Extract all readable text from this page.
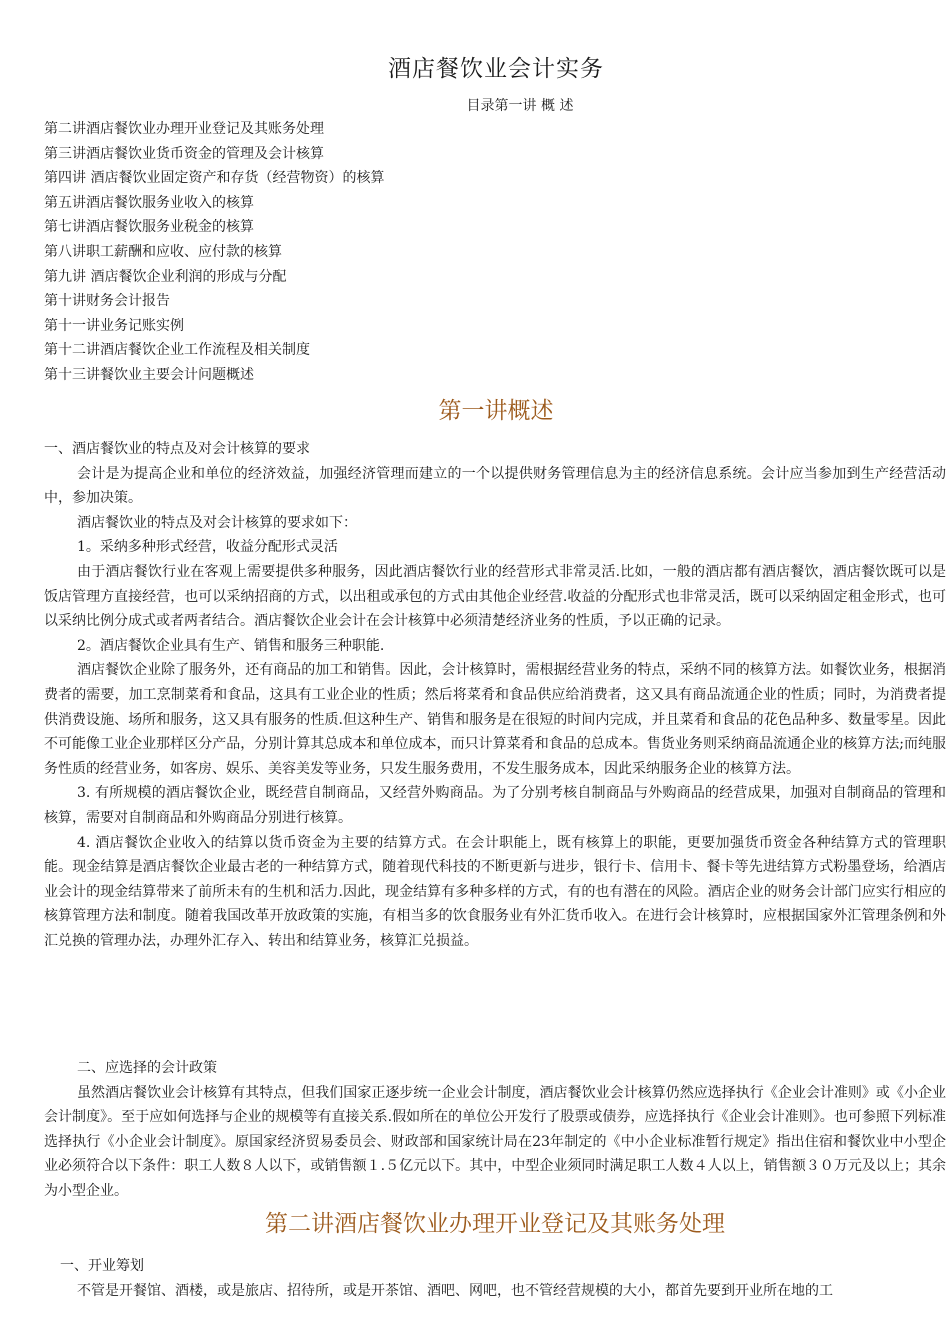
酒店餐饮业会计实务
目录第一讲 概 述
第二讲酒店餐饮业办理开业登记及其账务处理
第三讲酒店餐饮业货币资金的管理及会计核算
第四讲 酒店餐饮业固定资产和存货（经营物资）的核算
第五讲酒店餐饮服务业收入的核算
第七讲酒店餐饮服务业税金的核算
第八讲职工薪酬和应收、应付款的核算
第九讲 酒店餐饮企业利润的形成与分配
第十讲财务会计报告
第十一讲业务记账实例
第十二讲酒店餐饮企业工作流程及相关制度
第十三讲餐饮业主要会计问题概述
第一讲概述

一、酒店餐饮业的特点及对会计核算的要求

会计是为提高企业和单位的经济效益，加强经济管理而建立的一个以提供财务管理信息为主的经济信息系统。会计应当参加到生产经营活动中，参加决策。

酒店餐饮业的特点及对会计核算的要求如下：

1。采纳多种形式经营，收益分配形式灵活

由于酒店餐饮行业在客观上需要提供多种服务，因此酒店餐饮行业的经营形式非常灵活.比如，一般的酒店都有酒店餐饮，酒店餐饮既可以是饭店管理方直接经营，也可以采纳招商的方式，以出租或承包的方式由其他企业经营.收益的分配形式也非常灵活，既可以采纳固定租金形式，也可以采纳比例分成式或者两者结合。酒店餐饮企业会计在会计核算中必须清楚经济业务的性质，予以正确的记录。

2。酒店餐饮企业具有生产、销售和服务三种职能.

酒店餐饮企业除了服务外，还有商品的加工和销售。因此，会计核算时，需根据经营业务的特点，采纳不同的核算方法。如餐饮业务，根据消费者的需要，加工烹制菜肴和食品，这具有工业企业的性质；然后将菜肴和食品供应给消费者，这又具有商品流通企业的性质；同时，为消费者提供消费设施、场所和服务，这又具有服务的性质.但这种生产、销售和服务是在很短的时间内完成，并且菜肴和食品的花色品种多、数量零星。因此不可能像工业企业那样区分产品，分别计算其总成本和单位成本，而只计算菜肴和食品的总成本。售货业务则采纳商品流通企业的核算方法;而纯服务性质的经营业务，如客房、娱乐、美容美发等业务，只发生服务费用，不发生服务成本，因此采纳服务企业的核算方法。

3. 有所规模的酒店餐饮企业，既经营自制商品，又经营外购商品。为了分别考核自制商品与外购商品的经营成果，加强对自制商品的管理和核算，需要对自制商品和外购商品分别进行核算。

4. 酒店餐饮企业收入的结算以货币资金为主要的结算方式。在会计职能上，既有核算上的职能，更要加强货币资金各种结算方式的管理职能。现金结算是酒店餐饮企业最古老的一种结算方式，随着现代科技的不断更新与进步，银行卡、信用卡、餐卡等先进结算方式粉墨登场，给酒店业会计的现金结算带来了前所未有的生机和活力.因此，现金结算有多种多样的方式，有的也有潜在的风险。酒店企业的财务会计部门应实行相应的核算管理方法和制度。随着我国改革开放政策的实施，有相当多的饮食服务业有外汇货币收入。在进行会计核算时，应根据国家外汇管理条例和外汇兑换的管理办法，办理外汇存入、转出和结算业务，核算汇兑损益。

二、应选择的会计政策

虽然酒店餐饮业会计核算有其特点，但我们国家正逐步统一企业会计制度，酒店餐饮业会计核算仍然应选择执行《企业会计准则》或《小企业会计制度》。至于应如何选择与企业的规模等有直接关系.假如所在的单位公开发行了股票或债券，应选择执行《企业会计准则》。也可参照下列标准选择执行《小企业会计制度》。原国家经济贸易委员会、财政部和国家统计局在23年制定的《中小企业标准暂行规定》指出住宿和餐饮业中小型企业必须符合以下条件：职工人数８人以下，或销售额１.５亿元以下。其中，中型企业须同时满足职工人数４人以上，销售额３０万元及以上；其余为小型企业。

第二讲酒店餐饮业办理开业登记及其账务处理

一、开业筹划

不管是开餐馆、酒楼，或是旅店、招待所，或是开茶馆、酒吧、网吧，也不管经营规模的大小，都首先要到开业所在地的工
